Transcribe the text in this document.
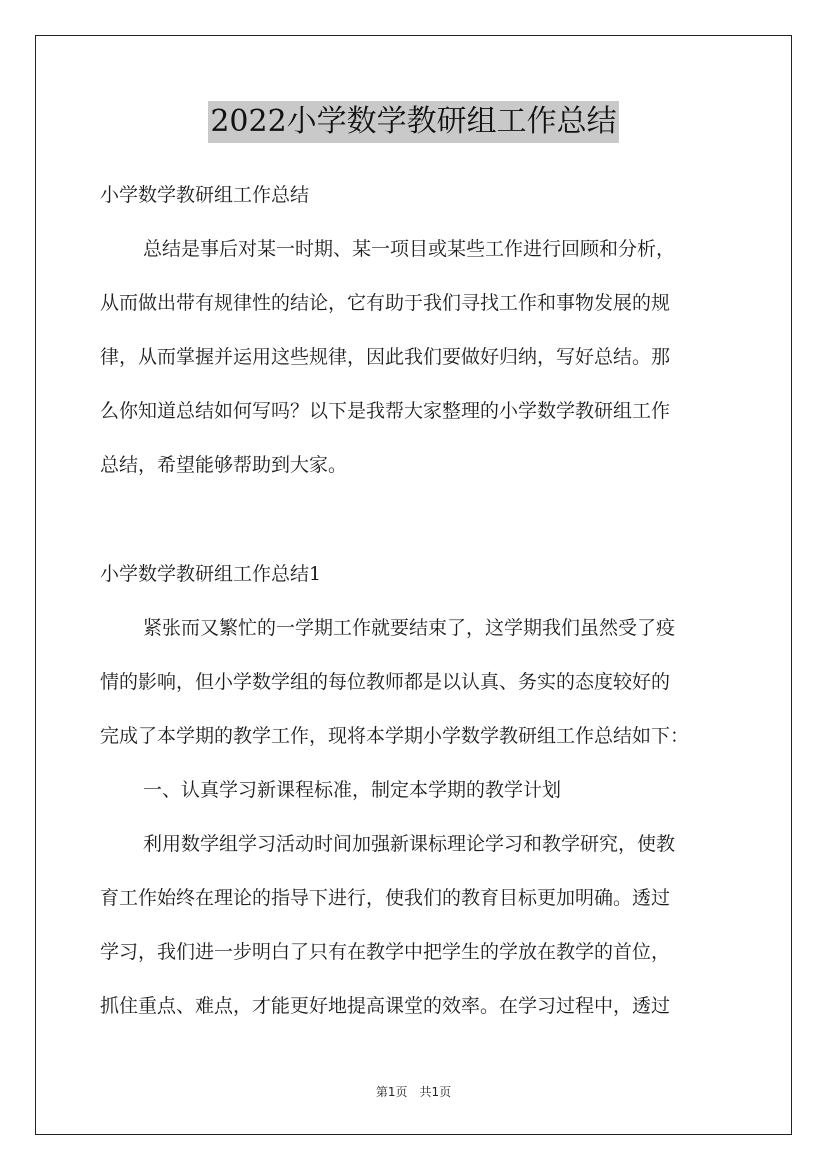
2022小学数学教研组工作总结
小学数学教研组工作总结
总结是事后对某一时期、某一项目或某些工作进行回顾和分析，
从而做出带有规律性的结论，它有助于我们寻找工作和事物发展的规
律，从而掌握并运用这些规律，因此我们要做好归纳，写好总结。那
么你知道总结如何写吗？以下是我帮大家整理的小学数学教研组工作
总结，希望能够帮助到大家。
小学数学教研组工作总结1
紧张而又繁忙的一学期工作就要结束了，这学期我们虽然受了疫
情的影响，但小学数学组的每位教师都是以认真、务实的态度较好的
完成了本学期的教学工作，现将本学期小学数学教研组工作总结如下：
一、认真学习新课程标准，制定本学期的教学计划
利用数学组学习活动时间加强新课标理论学习和教学研究，使教
育工作始终在理论的指导下进行，使我们的教育目标更加明确。透过
学习，我们进一步明白了只有在教学中把学生的学放在教学的首位，
抓住重点、难点，才能更好地提高课堂的效率。在学习过程中，透过
第1页　共1页
